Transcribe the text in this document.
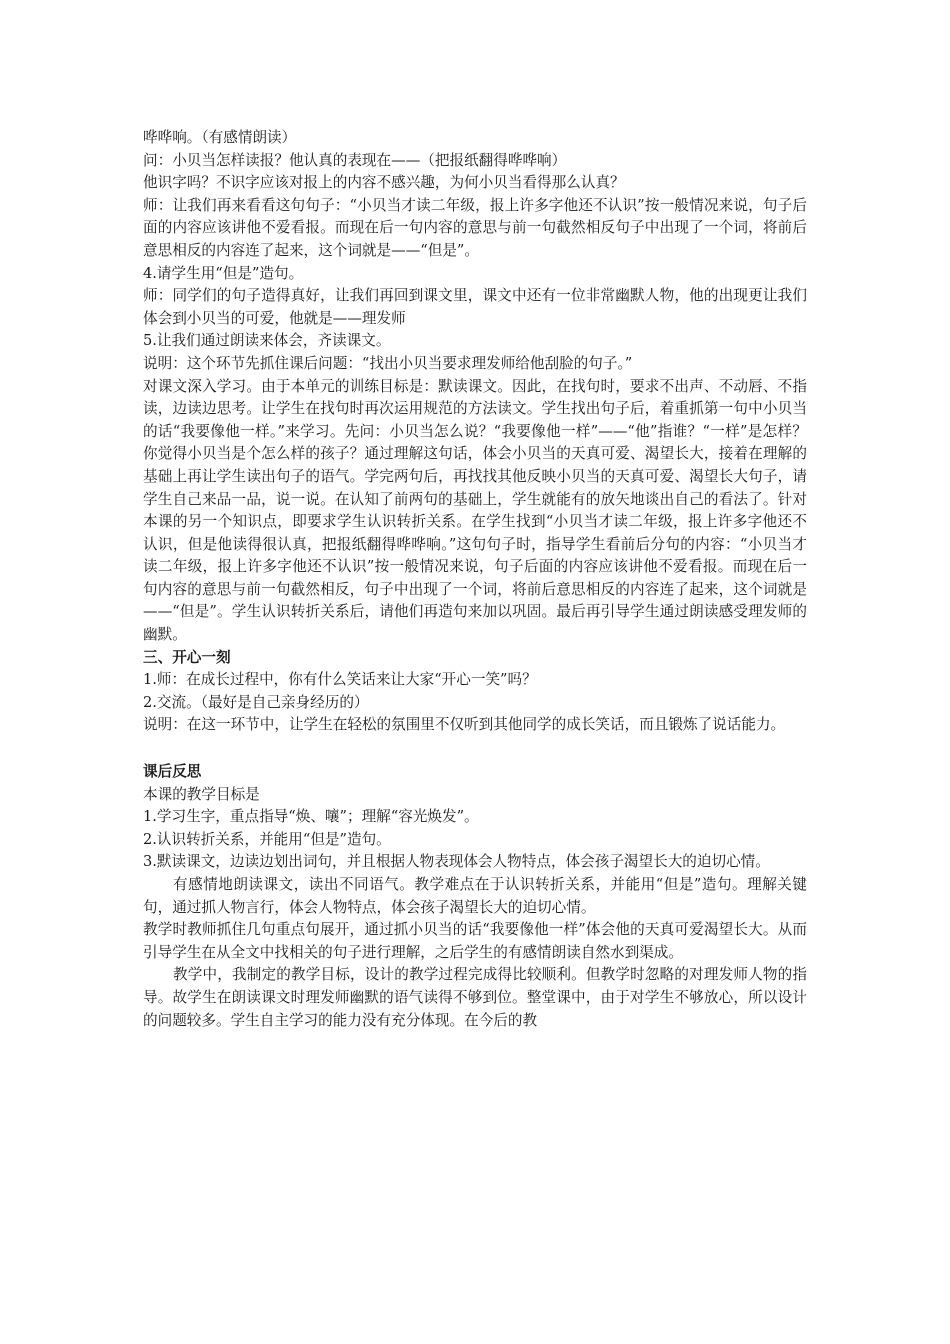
哗哗响。（有感情朗读）

问：小贝当怎样读报？他认真的表现在——（把报纸翻得哗哗响）

他识字吗？不识字应该对报上的内容不感兴趣，为何小贝当看得那么认真？

师：让我们再来看看这句句子：“小贝当才读二年级，报上许多字他还不认识”按一般情况来说，句子后面的内容应该讲他不爱看报。而现在后一句内容的意思与前一句截然相反句子中出现了一个词，将前后意思相反的内容连了起来，这个词就是——“但是”。

4.请学生用“但是”造句。

师：同学们的句子造得真好，让我们再回到课文里，课文中还有一位非常幽默人物，他的出现更让我们体会到小贝当的可爱，他就是——理发师

5.让我们通过朗读来体会，齐读课文。

说明：这个环节先抓住课后问题：“找出小贝当要求理发师给他刮脸的句子。”

对课文深入学习。由于本单元的训练目标是：默读课文。因此，在找句时，要求不出声、不动唇、不指读，边读边思考。让学生在找句时再次运用规范的方法读文。学生找出句子后，着重抓第一句中小贝当的话“我要像他一样。”来学习。先问：小贝当怎么说？“我要像他一样”——“他”指谁？“一样”是怎样？你觉得小贝当是个怎么样的孩子？通过理解这句话，体会小贝当的天真可爱、渴望长大，接着在理解的基础上再让学生读出句子的语气。学完两句后，再找找其他反映小贝当的天真可爱、渴望长大句子，请学生自己来品一品，说一说。在认知了前两句的基础上，学生就能有的放矢地谈出自己的看法了。针对本课的另一个知识点，即要求学生认识转折关系。在学生找到“小贝当才读二年级，报上许多字他还不认识，但是他读得很认真，把报纸翻得哗哗响。”这句句子时，指导学生看前后分句的内容：“小贝当才读二年级，报上许多字他还不认识”按一般情况来说，句子后面的内容应该讲他不爱看报。而现在后一句内容的意思与前一句截然相反，句子中出现了一个词，将前后意思相反的内容连了起来，这个词就是——“但是”。学生认识转折关系后，请他们再造句来加以巩固。最后再引导学生通过朗读感受理发师的幽默。

三、开心一刻

1.师：在成长过程中，你有什么笑话来让大家“开心一笑”吗？

2.交流。（最好是自己亲身经历的）

说明：在这一环节中，让学生在轻松的氛围里不仅听到其他同学的成长笑话，而且锻炼了说话能力。

课后反思

本课的教学目标是

1.学习生字，重点指导“焕、嚷”；理解“容光焕发”。

2.认识转折关系，并能用“但是”造句。

3.默读课文，边读边划出词句，并且根据人物表现体会人物特点，体会孩子渴望长大的迫切心情。

有感情地朗读课文，读出不同语气。教学难点在于认识转折关系，并能用“但是”造句。理解关键句，通过抓人物言行，体会人物特点，体会孩子渴望长大的迫切心情。

教学时教师抓住几句重点句展开，通过抓小贝当的话“我要像他一样”体会他的天真可爱渴望长大。从而引导学生在从全文中找相关的句子进行理解，之后学生的有感情朗读自然水到渠成。

教学中，我制定的教学目标，设计的教学过程完成得比较顺利。但教学时忽略的对理发师人物的指导。故学生在朗读课文时理发师幽默的语气读得不够到位。整堂课中，由于对学生不够放心，所以设计的问题较多。学生自主学习的能力没有充分体现。在今后的教
